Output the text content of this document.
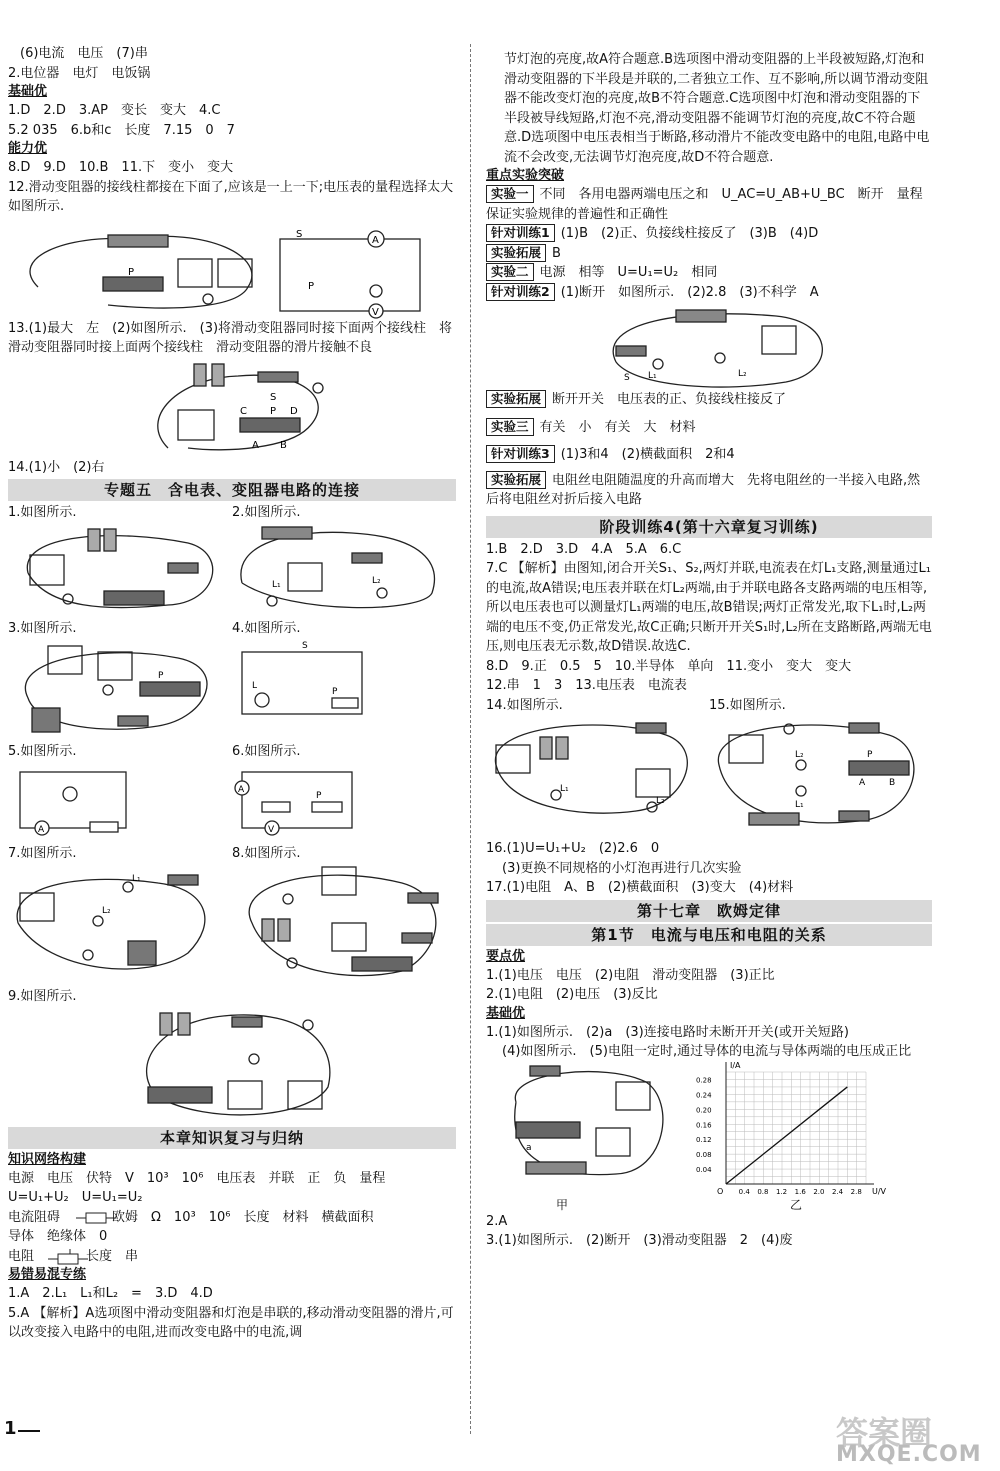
(6)电流　电压　(7)串
2.电位器　电灯　电饭锅
基础优
1.D　2.D　3.AP　变长　变大　4.C
5.2 035　6.b和c　长度　7.15　0　7
能力优
8.D　9.D　10.B　11.下　变小　变大
12.滑动变阻器的接线柱都接在下面了,应该是一上一下;电压表的量程选择太大　如图所示.
S
A
V
P
P
13.(1)最大　左　(2)如图所示.　(3)将滑动变阻器同时接下面两个接线柱　将滑动变阻器同时接上面两个接线柱　滑动变阻器的滑片接触不良
S
C P D
A B
14.(1)小　(2)右
专题五　含电表、变阻器电路的连接
1.如图所示.	2.如图所示.
L₁	L₂
3.如图所示.
P
4.如图所示.
S
L
P
5.如图所示.
A
6.如图所示.
A
V
P
7.如图所示.
L₁
L₂
8.如图所示.
9.如图所示.
本章知识复习与归纳
知识网络构建
电源　电压　伏特　V　10³　10⁶　电压表　并联　正　负　量程
U=U₁+U₂　U=U₁=U₂
电流阻碍　　　　欧姆　Ω　10³　10⁶　长度　材料　横截面积
导体　绝缘体　0
电阻　　　　长度　串
易错易混专练
1.A　2.L₁　L₁和L₂　=　3.D　4.D
5.A 【解析】A选项图中滑动变阻器和灯泡是串联的,移动滑动变阻器的滑片,可以改变接入电路中的电阻,进而改变电路中的电流,调
节灯泡的亮度,故A符合题意.B选项图中滑动变阻器的上半段被短路,灯泡和滑动变阻器的下半段是并联的,二者独立工作、互不影响,所以调节滑动变阻器不能改变灯泡的亮度,故B不符合题意.C选项图中灯泡和滑动变阻器的下半段被导线短路,灯泡不亮,滑动变阻器不能调节灯泡的亮度,故C不符合题意.D选项图中电压表相当于断路,移动滑片不能改变电路中的电阻,电路中电流不会改变,无法调节灯泡亮度,故D不符合题意.
重点实验突破
实验一 不同　各用电器两端电压之和　U_AC=U_AB+U_BC　断开　量程
保证实验规律的普遍性和正确性
针对训练1 (1)B　(2)正、负接线柱接反了　(3)B　(4)D
实验拓展 B
实验二 电源　相等　U=U₁=U₂　相同
针对训练2 (1)断开　如图所示.　(2)2.8　(3)不科学　A
S L₁	L₂
实验拓展 断开开关　电压表的正、负接线柱接反了
实验三 有关　小　有关　大　材料
针对训练3 (1)3和4　(2)横截面积　2和4
实验拓展 电阻丝电阻随温度的升高而增大　先将电阻丝的一半接入电路,然后将电阻丝对折后接入电路
阶段训练4(第十六章复习训练)
1.B　2.D　3.D　4.A　5.A　6.C
7.C 【解析】由图知,闭合开关S₁、S₂,两灯并联,电流表在灯L₁支路,测量通过L₁的电流,故A错误;电压表并联在灯L₂两端,由于并联电路各支路两端的电压相等,所以电压表也可以测量灯L₁两端的电压,故B错误;两灯正常发光,取下L₁时,L₂两端的电压不变,仍正常发光,故C正确;只断开开关S₁时,L₂所在支路断路,两端无电压,则电压表无示数,故D错误.故选C.
8.D　9.正　0.5　5　10.半导体　单向　11.变小　变大　变大
12.串　1　3　13.电压表　电流表
14.如图所示.
L₁
L₂
15.如图所示.
L₂
L₁
P
A	B
16.(1)U=U₁+U₂　(2)2.6　0
(3)更换不同规格的小灯泡再进行几次实验
17.(1)电阻　A、B　(2)横截面积　(3)变大　(4)材料
第十七章　欧姆定律
第1节　电流与电压和电阻的关系
要点优
1.(1)电压　电压　(2)电阻　滑动变阻器　(3)正比
2.(1)电阻　(2)电压　(3)反比
基础优
1.(1)如图所示.　(2)a　(3)连接电路时未断开开关(或开关短路)
(4)如图所示.　(5)电阻一定时,通过导体的电流与导体两端的电压成正比
a
甲
U/V
I/A
O 0.4 0.8 1.2 1.6 2.0 2.4 2.8
0.04
0.08
0.12
0.16
0.20
0.24
0.28
乙
2.A
3.(1)如图所示.　(2)断开　(3)滑动变阻器　2　(4)废
1	答案圈
MXQE.COM
